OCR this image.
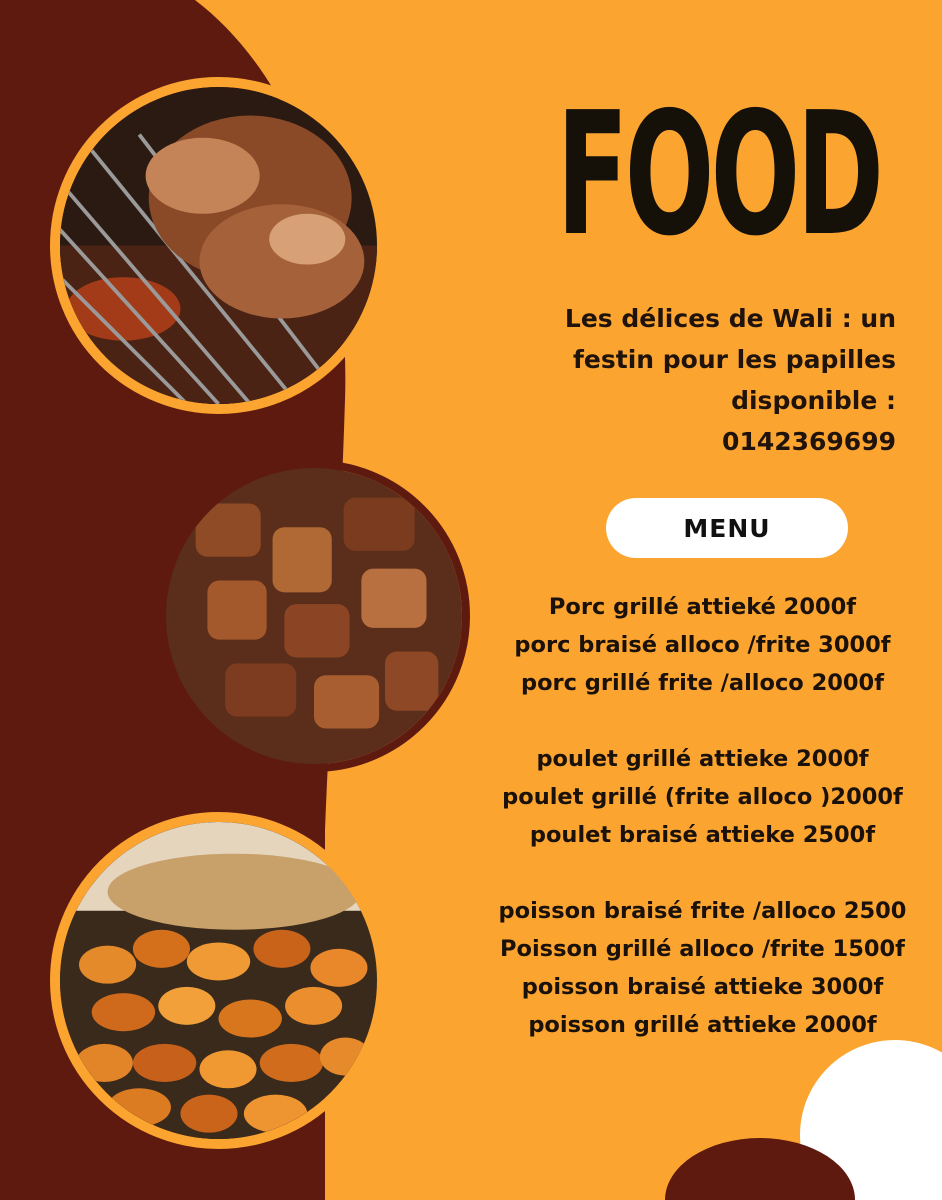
FOOD
Les délices de Wali : un
festin pour les papilles
disponible :
0142369699
MENU
Porc grillé attieké 2000f
porc braisé alloco /frite 3000f
porc grillé frite /alloco 2000f
poulet grillé attieke 2000f
poulet grillé (frite alloco )2000f
poulet braisé attieke 2500f
poisson braisé frite /alloco 2500
Poisson grillé alloco /frite 1500f
poisson braisé attieke 3000f
poisson grillé attieke 2000f
